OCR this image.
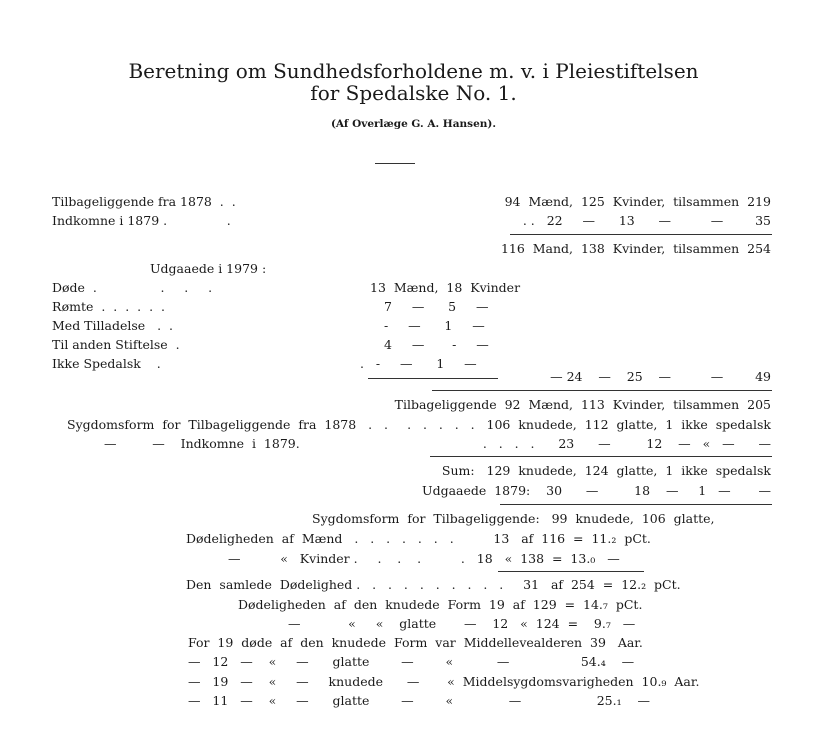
Beretning om Sundhedsforholdene m. v. i Pleiestiftelsen
for Spedalske No. 1.
(Af Overlæge G. A. Hansen).
Tilbageliggende fra 1878  .  .	94  Mænd,  125  Kvinder,  tilsammen  219
Indkomne i 1879 .               .	. .   22     —      13      —          —        35
116  Mand,  138  Kvinder,  tilsammen  254
Udgaaede i 1979 :
Døde  .                .     .     .	13  Mænd,  18  Kvinder
Rømte  .  .  .  .  .  .	7     —      5     —
Med Tilladelse   .  .	-     —      1     —
Til anden Stiftelse  .	4     —       -     —
Ikke Spedalsk    .	.   -     —      1     —
— 24    —    25    —          —        49
Tilbageliggende  92  Mænd,  113  Kvinder,  tilsammen  205
Sygdomsform  for  Tilbageliggende  fra  1878   .   . .   .   .   .   .   106  knudede,  112  glatte,  1  ikke  spedalsk
—         —    Indkomne  i  1879.	.   .   .   .      23      —         12    —   «   —      —
Sum:   129  knudede,  124  glatte,  1  ikke  spedalsk
Udgaaede  1879:    30      —         18    —     1   —       —
Sygdomsform  for  Tilbageliggende:   99  knudede,  106  glatte,
Dødeligheden  af  Mænd   .   .   .   .   .   .   .          13   af  116  =  11.₂  pCt.
—          «   Kvinder .     .    .    .          .   18   «  138  =  13.₀   —
Den  samlede  Dødelighed .   .   .   .   .   .   .   .   .   .     31   af  254  =  12.₂  pCt.
Dødeligheden  af  den  knudede  Form  19  af  129  =  14.₇  pCt.
—            «     «    glatte       —    12   «  124  =    9.₇   —
For  19  døde  af  den  knudede  Form  var  Middellevealderen  39   Aar.
—   12   —    «     —      glatte        —        «           —                  54.₄    —
—   19   —    «     —     knudede      —       «  Middelsygdomsvarigheden  10.₉  Aar.
—   11   —    «     —      glatte        —        «              —                   25.₁    —
